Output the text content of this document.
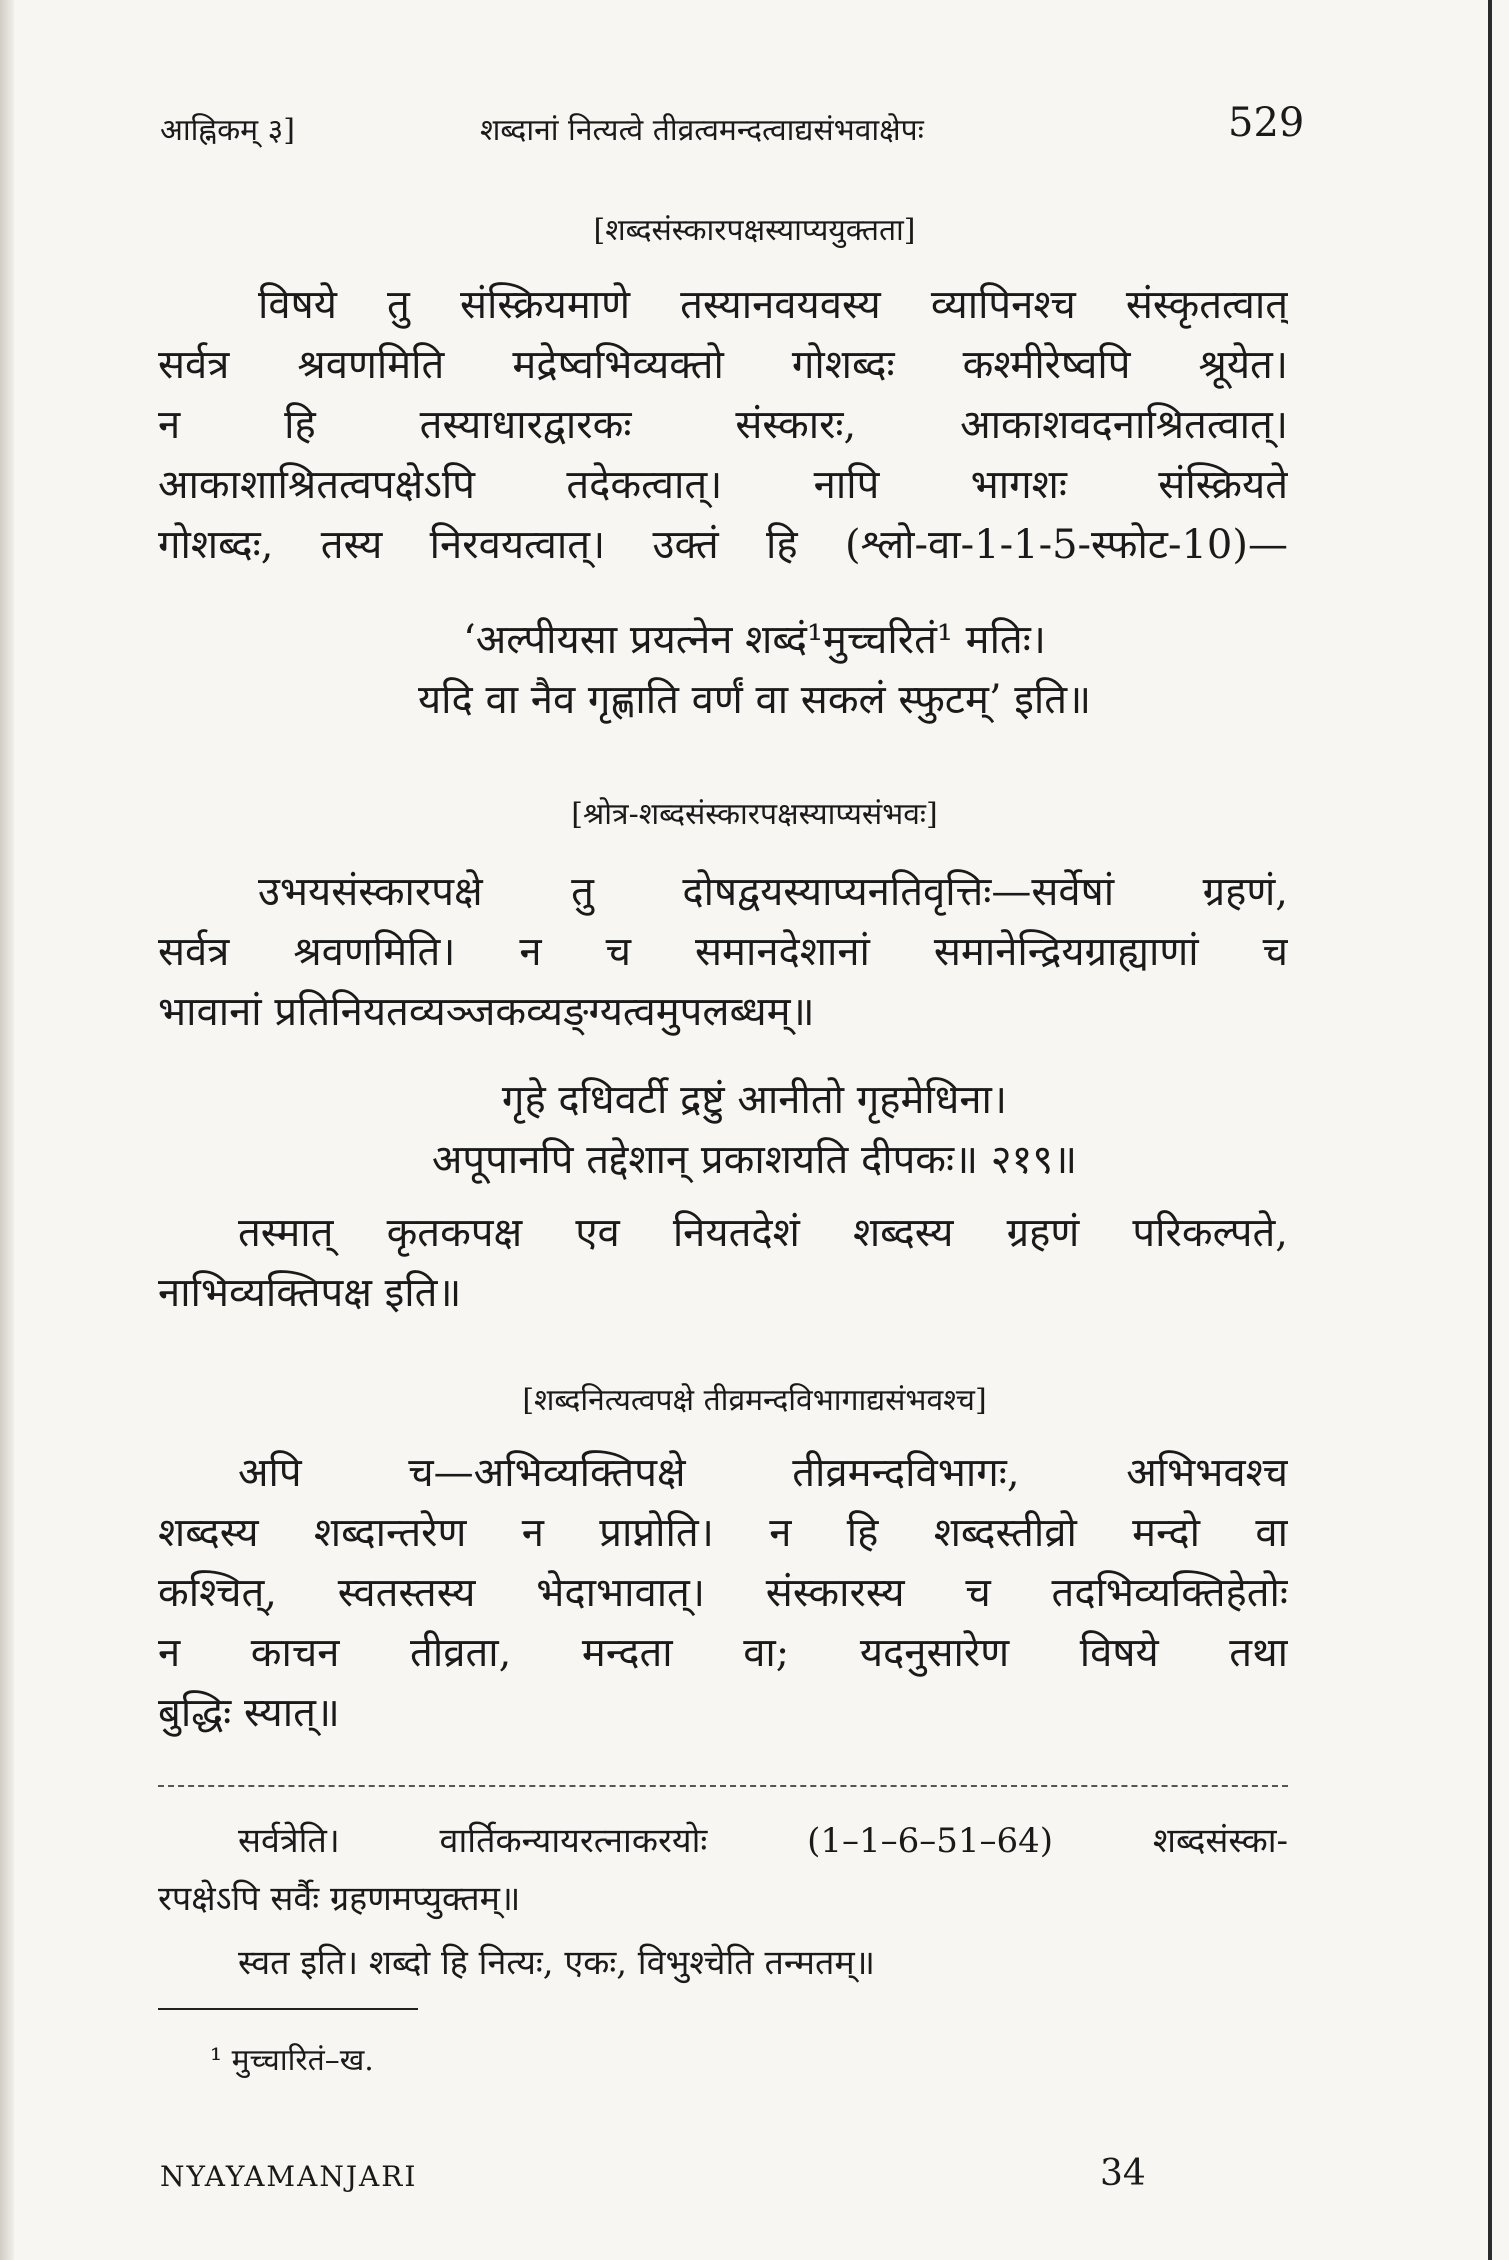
आह्निकम् ३]	शब्दानां नित्यत्वे तीव्रत्वमन्दत्वाद्यसंभवाक्षेपः	529
[शब्दसंस्कारपक्षस्याप्ययुक्तता]
विषये तु संस्क्रियमाणे तस्यानवयवस्य व्यापिनश्च संस्कृतत्वात्
सर्वत्र श्रवणमिति मद्रेष्वभिव्यक्तो गोशब्दः कश्मीरेष्वपि श्रूयेत।
न हि तस्याधारद्वारकः संस्कारः, आकाशवदनाश्रितत्वात्।
आकाशाश्रितत्वपक्षेऽपि तदेकत्वात्। नापि भागशः संस्क्रियते
गोशब्दः, तस्य निरवयत्वात्। उक्तं हि (श्लो-वा-1-1-5-स्फोट-10)—
‘अल्पीयसा प्रयत्नेन शब्दं¹मुच्चरितं¹ मतिः।
यदि वा नैव गृह्णाति वर्णं वा सकलं स्फुटम्’ इति॥
[श्रोत्र-शब्दसंस्कारपक्षस्याप्यसंभवः]
उभयसंस्कारपक्षे तु दोषद्वयस्याप्यनतिवृत्तिः—सर्वेषां ग्रहणं,
सर्वत्र श्रवणमिति। न च समानदेशानां समानेन्द्रियग्राह्याणां च
भावानां प्रतिनियतव्यञ्जकव्यङ्ग्यत्वमुपलब्धम्॥
गृहे दधिवर्टी द्रष्टुं आनीतो गृहमेधिना।
अपूपानपि तद्देशान् प्रकाशयति दीपकः॥ २१९॥
तस्मात् कृतकपक्ष एव नियतदेशं शब्दस्य ग्रहणं परिकल्पते,
नाभिव्यक्तिपक्ष इति॥
[शब्दनित्यत्वपक्षे तीव्रमन्दविभागाद्यसंभवश्च]
अपि च—अभिव्यक्तिपक्षे तीव्रमन्दविभागः, अभिभवश्च
शब्दस्य शब्दान्तरेण न प्राप्नोति। न हि शब्दस्तीव्रो मन्दो वा
कश्चित्, स्वतस्तस्य भेदाभावात्। संस्कारस्य च तदभिव्यक्तिहेतोः
न काचन तीव्रता, मन्दता वा; यदनुसारेण विषये तथा
बुद्धिः स्यात्॥
सर्वत्रेति। वार्तिकन्यायरत्नाकरयोः (1–1–6–51–64) शब्दसंस्का-
रपक्षेऽपि सर्वैः ग्रहणमप्युक्तम्॥
स्वत इति। शब्दो हि नित्यः, एकः, विभुश्चेति तन्मतम्॥
¹ मुच्चारितं–ख.
NYAYAMANJARI	34
